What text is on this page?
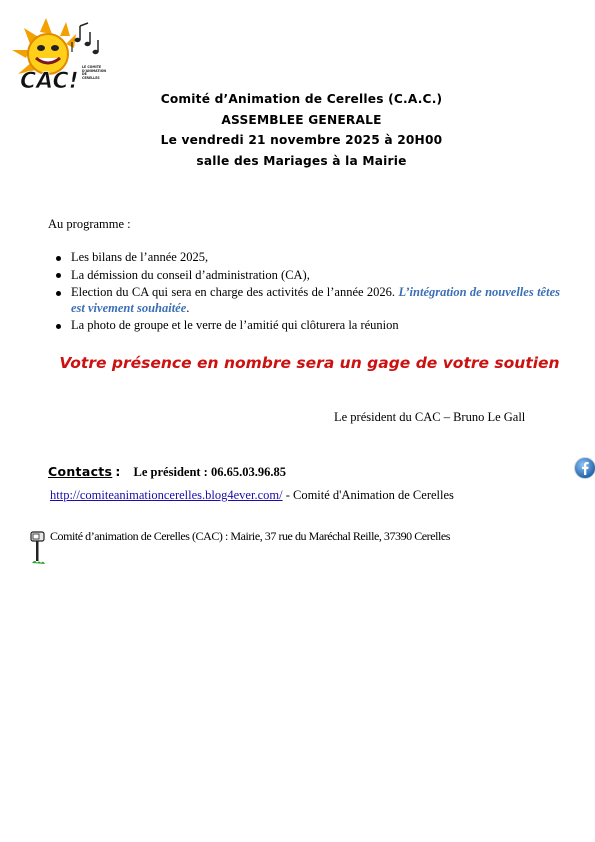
CAC!
LE COMITE
D'ANIMATION DE
CERELLES
Comité d’Animation de Cerelles (C.A.C.)
ASSEMBLEE GENERALE
Le vendredi 21 novembre 2025 à 20H00
salle des Mariages à la Mairie
Au programme :
Les bilans de l’année 2025,
La démission du conseil d’administration (CA),
Election du CA qui sera en charge des activités de l’année 2026. L’intégration de nouvelles têtes est vivement souhaitée.
La photo de groupe et le verre de l’amitié qui clôturera la réunion
Votre présence en nombre sera un gage de votre soutien
Le président du CAC – Bruno Le Gall
Contacts : Le président : 06.65.03.96.85
http://comiteanimationcerelles.blog4ever.com/ - Comité d'Animation de Cerelles
Comité d’animation de Cerelles (CAC) : Mairie, 37 rue du Maréchal Reille, 37390 Cerelles
